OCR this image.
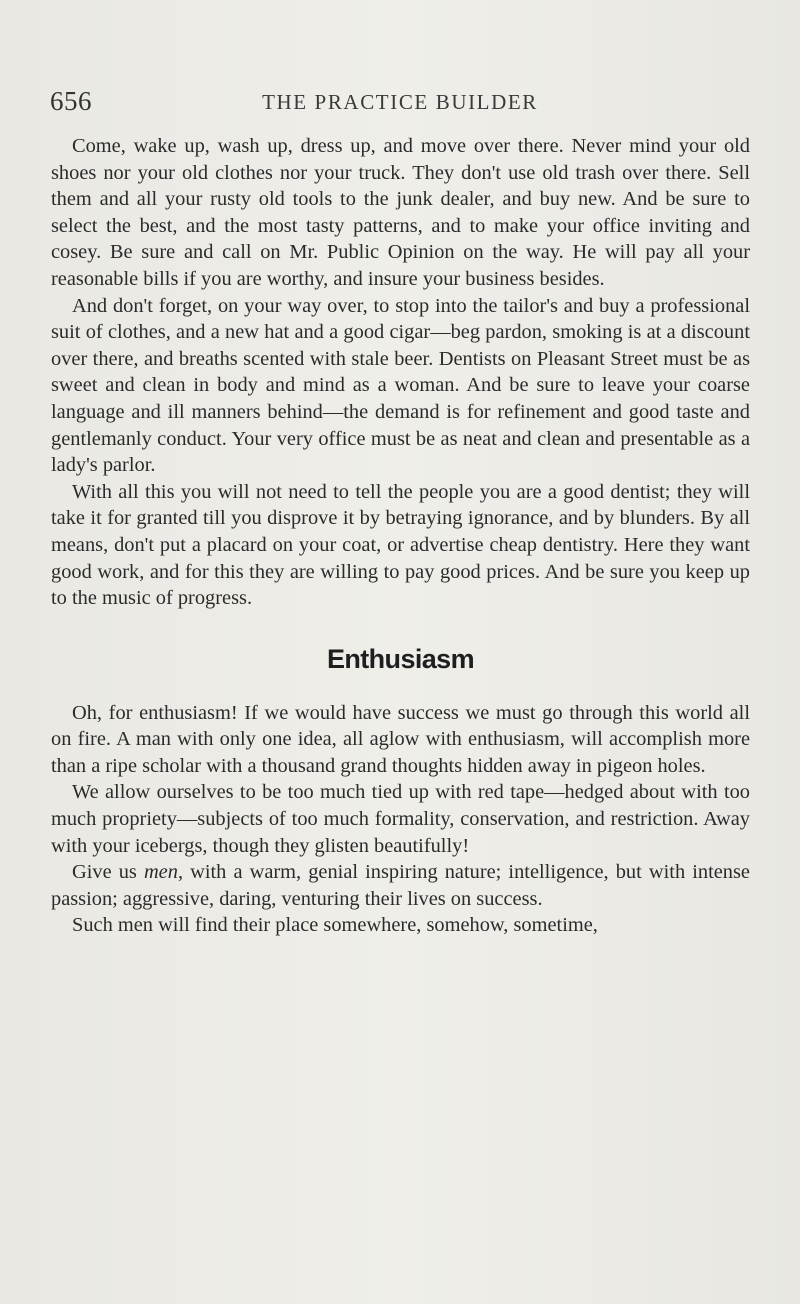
656	THE PRACTICE BUILDER

Come, wake up, wash up, dress up, and move over there. Never mind your old shoes nor your old clothes nor your truck. They don't use old trash over there. Sell them and all your rusty old tools to the junk dealer, and buy new. And be sure to select the best, and the most tasty patterns, and to make your office inviting and cosey. Be sure and call on Mr. Public Opinion on the way. He will pay all your reasonable bills if you are worthy, and insure your business besides.

And don't forget, on your way over, to stop into the tailor's and buy a professional suit of clothes, and a new hat and a good cigar—beg pardon, smoking is at a discount over there, and breaths scented with stale beer. Dentists on Pleasant Street must be as sweet and clean in body and mind as a woman. And be sure to leave your coarse language and ill manners behind—the demand is for refinement and good taste and gentlemanly conduct. Your very office must be as neat and clean and presentable as a lady's parlor.

With all this you will not need to tell the people you are a good dentist; they will take it for granted till you disprove it by betraying ignorance, and by blunders. By all means, don't put a placard on your coat, or advertise cheap dentistry. Here they want good work, and for this they are willing to pay good prices. And be sure you keep up to the music of progress.

Enthusiasm

Oh, for enthusiasm! If we would have success we must go through this world all on fire. A man with only one idea, all aglow with enthusiasm, will accomplish more than a ripe scholar with a thousand grand thoughts hidden away in pigeon holes.

We allow ourselves to be too much tied up with red tape—hedged about with too much propriety—subjects of too much formality, conservation, and restriction. Away with your icebergs, though they glisten beautifully!

Give us men, with a warm, genial inspiring nature; intelligence, but with intense passion; aggressive, daring, venturing their lives on success.

Such men will find their place somewhere, somehow, sometime,
